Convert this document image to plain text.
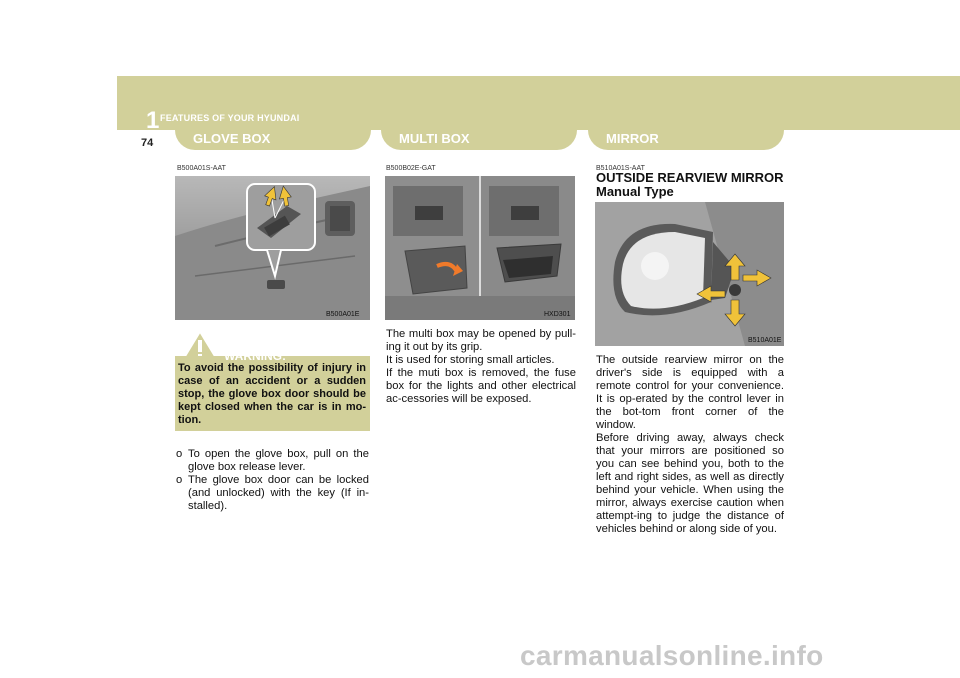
1 FEATURES OF YOUR HYUNDAI
74	GLOVE BOX	MULTI BOX	MIRROR
B500A01S-AAT
B500A01E
WARNING:
To avoid the possibility of injury in case of an accident or a sudden stop, the glove box door should be kept closed when the car is in mo-tion.
o To open the glove box, pull on the glove box release lever.
o The glove box door can be locked (and unlocked) with the key (If in-stalled).
B500B02E-GAT
HXD301
The multi box may be opened by pull-ing it out by its grip.
It is used for storing small articles.
If the muti box is removed, the fuse box for the lights and other electrical ac-cessories will be exposed.
B510A01S-AAT
OUTSIDE REARVIEW MIRROR
Manual Type
B510A01E
The outside rearview mirror on the driver's side is equipped with a remote control for your convenience. It is op-erated by the control lever in the bot-tom front corner of the window.
Before driving away, always check that your mirrors are positioned so you can see behind you, both to the left and right sides, as well as directly behind your vehicle. When using the mirror, always exercise caution when attempt-ing to judge the distance of vehicles behind or along side of you.
carmanualsonline.info
